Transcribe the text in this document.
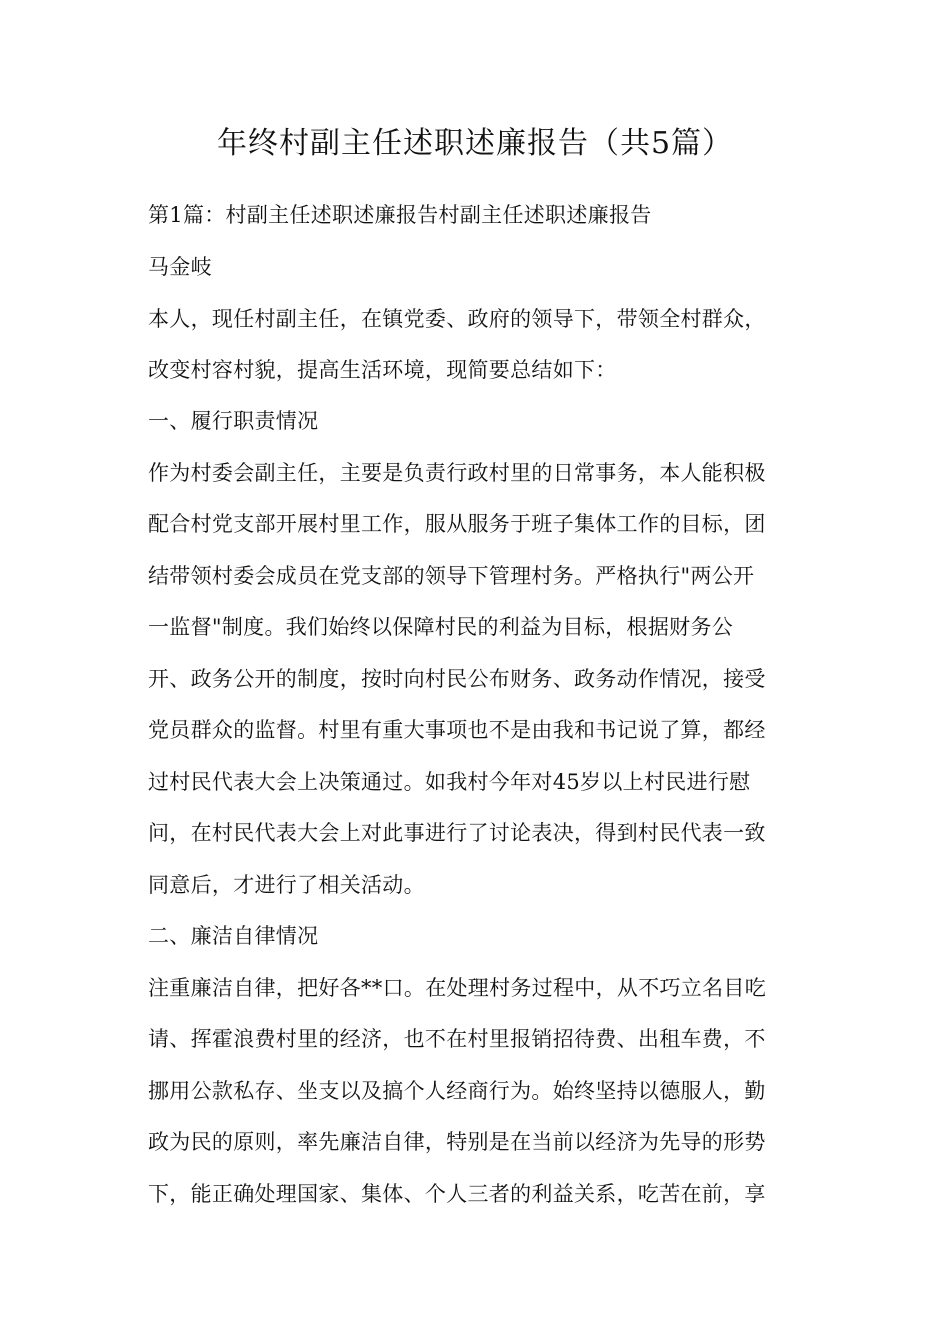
年终村副主任述职述廉报告（共5篇）
第1篇：村副主任述职述廉报告村副主任述职述廉报告
马金岐
本人，现任村副主任，在镇党委、政府的领导下，带领全村群众，
改变村容村貌，提高生活环境，现简要总结如下：
一、履行职责情况
作为村委会副主任，主要是负责行政村里的日常事务，本人能积极
配合村党支部开展村里工作，服从服务于班子集体工作的目标，团
结带领村委会成员在党支部的领导下管理村务。严格执行"两公开
一监督"制度。我们始终以保障村民的利益为目标，根据财务公
开、政务公开的制度，按时向村民公布财务、政务动作情况，接受
党员群众的监督。村里有重大事项也不是由我和书记说了算，都经
过村民代表大会上决策通过。如我村今年对45岁以上村民进行慰
问，在村民代表大会上对此事进行了讨论表决，得到村民代表一致
同意后，才进行了相关活动。
二、廉洁自律情况
注重廉洁自律，把好各**口。在处理村务过程中，从不巧立名目吃
请、挥霍浪费村里的经济，也不在村里报销招待费、出租车费，不
挪用公款私存、坐支以及搞个人经商行为。始终坚持以德服人，勤
政为民的原则，率先廉洁自律，特别是在当前以经济为先导的形势
下，能正确处理国家、集体、个人三者的利益关系，吃苦在前，享
